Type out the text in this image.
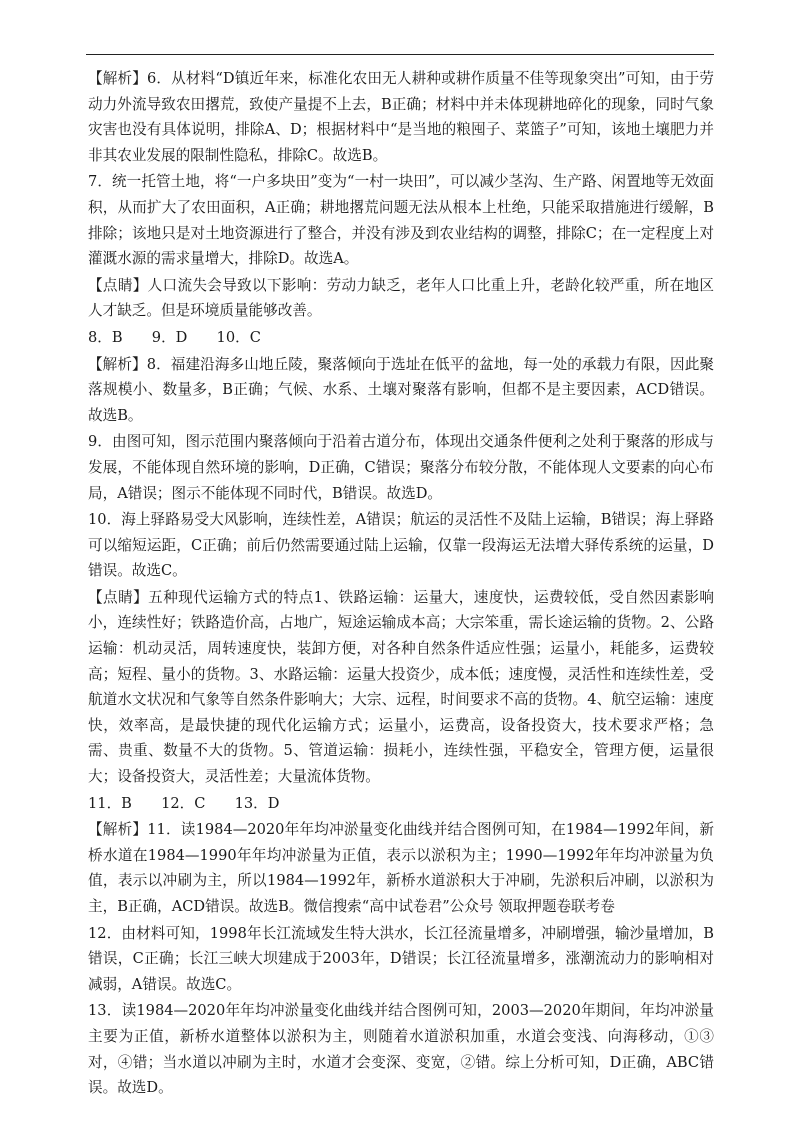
【解析】6．从材料“D镇近年来，标准化农田无人耕种或耕作质量不佳等现象突出”可知，由于劳动力外流导致农田撂荒，致使产量提不上去，B正确；材料中并未体现耕地碎化的现象，同时气象灾害也没有具体说明，排除A、D；根据材料中“是当地的粮囤子、菜篮子”可知，该地土壤肥力并非其农业发展的限制性隐私，排除C。故选B。

7．统一托管土地，将“一户多块田”变为“一村一块田”，可以减少茎沟、生产路、闲置地等无效面积，从而扩大了农田面积，A正确；耕地撂荒问题无法从根本上杜绝，只能采取措施进行缓解，B排除；该地只是对土地资源进行了整合，并没有涉及到农业结构的调整，排除C；在一定程度上对灌溉水源的需求量增大，排除D。故选A。

【点睛】人口流失会导致以下影响：劳动力缺乏，老年人口比重上升，老龄化较严重，所在地区人才缺乏。但是环境质量能够改善。

8．B　　9．D　　10．C

【解析】8．福建沿海多山地丘陵，聚落倾向于选址在低平的盆地，每一处的承载力有限，因此聚落规模小、数量多，B正确；气候、水系、土壤对聚落有影响，但都不是主要因素，ACD错误。故选B。

9．由图可知，图示范围内聚落倾向于沿着古道分布，体现出交通条件便利之处利于聚落的形成与发展，不能体现自然环境的影响，D正确，C错误；聚落分布较分散，不能体现人文要素的向心布局，A错误；图示不能体现不同时代，B错误。故选D。

10．海上驿路易受大风影响，连续性差，A错误；航运的灵活性不及陆上运输，B错误；海上驿路可以缩短运距，C正确；前后仍然需要通过陆上运输，仅靠一段海运无法增大驿传系统的运量，D错误。故选C。

【点睛】五种现代运输方式的特点1、铁路运输：运量大，速度快，运费较低，受自然因素影响小，连续性好；铁路造价高，占地广，短途运输成本高；大宗笨重，需长途运输的货物。2、公路运输：机动灵活，周转速度快，装卸方便，对各种自然条件适应性强；运量小，耗能多，运费较高；短程、量小的货物。3、水路运输：运量大投资少，成本低；速度慢，灵活性和连续性差，受航道水文状况和气象等自然条件影响大；大宗、远程，时间要求不高的货物。4、航空运输：速度快，效率高，是最快捷的现代化运输方式；运量小，运费高，设备投资大，技术要求严格；急需、贵重、数量不大的货物。5、管道运输：损耗小，连续性强，平稳安全，管理方便，运量很大；设备投资大，灵活性差；大量流体货物。

11．B　　12．C　　13．D

【解析】11．读1984—2020年年均冲淤量变化曲线并结合图例可知，在1984—1992年间，新桥水道在1984—1990年年均冲淤量为正值，表示以淤积为主；1990—1992年年均冲淤量为负值，表示以冲刷为主，所以1984—1992年，新桥水道淤积大于冲刷，先淤积后冲刷，以淤积为主，B正确，ACD错误。故选B。微信搜索“高中试卷君”公众号 领取押题卷联考卷

12．由材料可知，1998年长江流域发生特大洪水，长江径流量增多，冲刷增强，输沙量增加，B错误，C正确；长江三峡大坝建成于2003年，D错误；长江径流量增多，涨潮流动力的影响相对减弱，A错误。故选C。

13．读1984—2020年年均冲淤量变化曲线并结合图例可知，2003—2020年期间，年均冲淤量主要为正值，新桥水道整体以淤积为主，则随着水道淤积加重，水道会变浅、向海移动，①③对，④错；当水道以冲刷为主时，水道才会变深、变宽，②错。综上分析可知，D正确，ABC错误。故选D。
